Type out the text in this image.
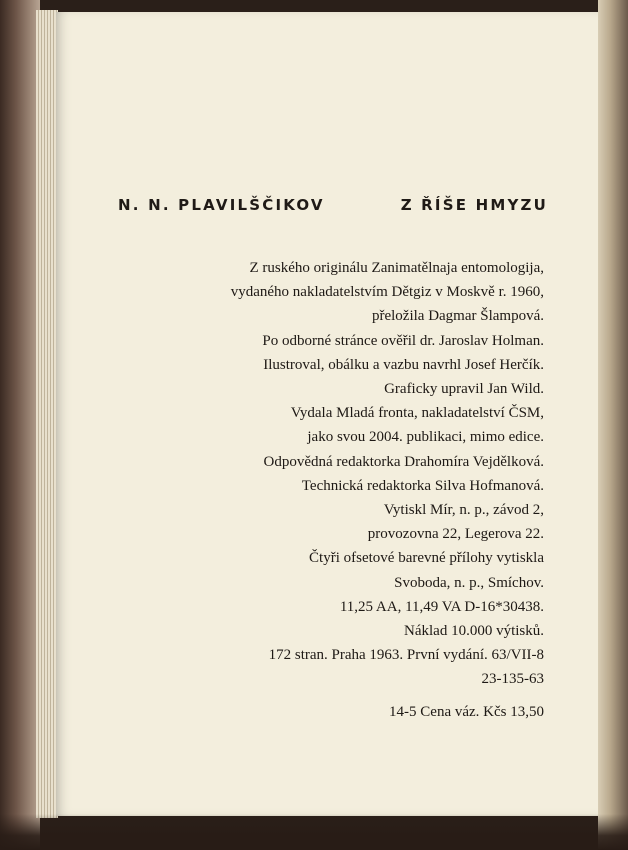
N. N. PLAVILŠČIKOV	Z ŘÍŠE HMYZU
Z ruského originálu Zanimatělnaja entomologija,
vydaného nakladatelstvím Dětgiz v Moskvě r. 1960,
přeložila Dagmar Šlampová.
Po odborné stránce ověřil dr. Jaroslav Holman.
Ilustroval, obálku a vazbu navrhl Josef Herčík.
Graficky upravil Jan Wild.
Vydala Mladá fronta, nakladatelství ČSM,
jako svou 2004. publikaci, mimo edice.
Odpovědná redaktorka Drahomíra Vejdělková.
Technická redaktorka Silva Hofmanová.
Vytiskl Mír, n. p., závod 2,
provozovna 22, Legerova 22.
Čtyři ofsetové barevné přílohy vytiskla
Svoboda, n. p., Smíchov.
11,25 AA, 11,49 VA D-16*30438.
Náklad 10.000 výtisků.
172 stran. Praha 1963. První vydání. 63/VII-8
23-135-63
14-5 Cena váz. Kčs 13,50
